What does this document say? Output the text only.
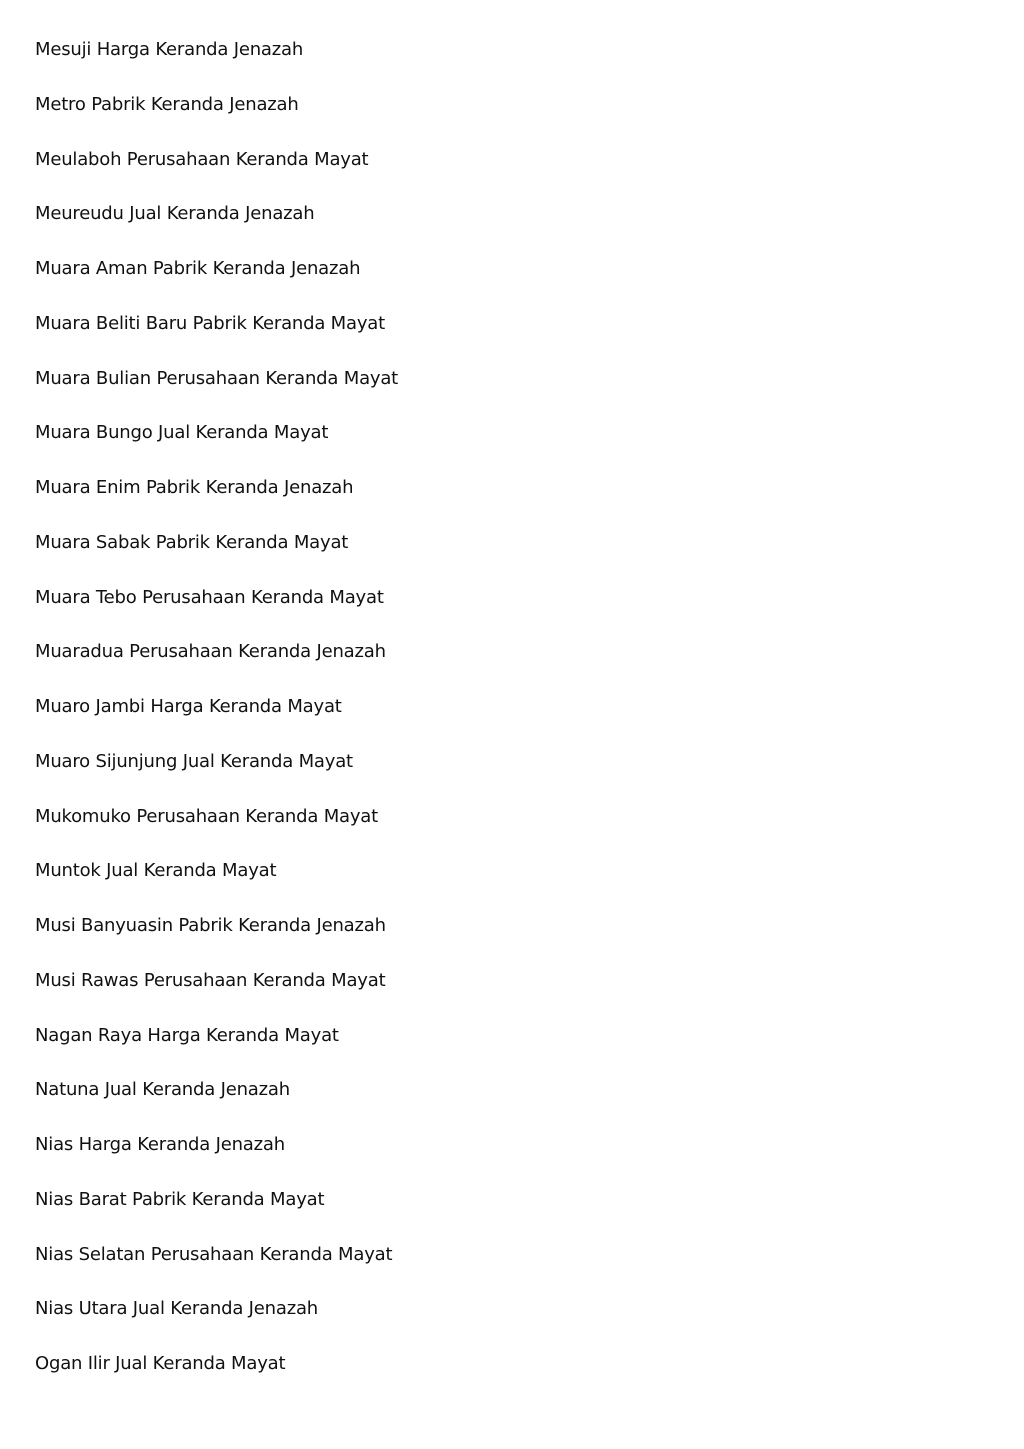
Mesuji Harga Keranda Jenazah
Metro Pabrik Keranda Jenazah
Meulaboh Perusahaan Keranda Mayat
Meureudu Jual Keranda Jenazah
Muara Aman Pabrik Keranda Jenazah
Muara Beliti Baru Pabrik Keranda Mayat
Muara Bulian Perusahaan Keranda Mayat
Muara Bungo Jual Keranda Mayat
Muara Enim Pabrik Keranda Jenazah
Muara Sabak Pabrik Keranda Mayat
Muara Tebo Perusahaan Keranda Mayat
Muaradua Perusahaan Keranda Jenazah
Muaro Jambi Harga Keranda Mayat
Muaro Sijunjung Jual Keranda Mayat
Mukomuko Perusahaan Keranda Mayat
Muntok Jual Keranda Mayat
Musi Banyuasin Pabrik Keranda Jenazah
Musi Rawas Perusahaan Keranda Mayat
Nagan Raya Harga Keranda Mayat
Natuna Jual Keranda Jenazah
Nias Harga Keranda Jenazah
Nias Barat Pabrik Keranda Mayat
Nias Selatan Perusahaan Keranda Mayat
Nias Utara Jual Keranda Jenazah
Ogan Ilir Jual Keranda Mayat
